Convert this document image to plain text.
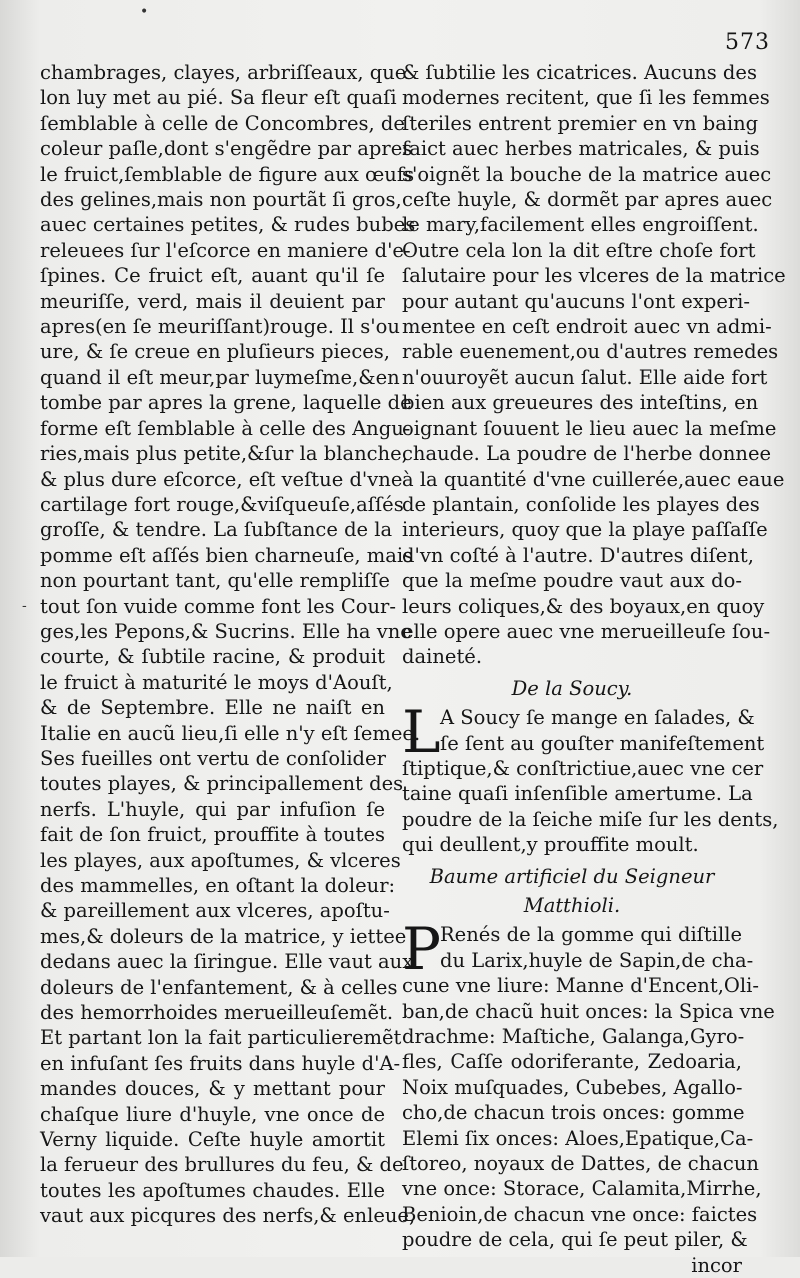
573
chambrages, clayes, arbriſſeaux, que
lon luy met au pié. Sa fleur eſt quaſi
ſemblable à celle de Concombres, de
coleur paſle,dont s'engẽdre par apres
le fruict,ſemblable de figure aux œufs
des gelines,mais non pourtãt ſi gros,
auec certaines petites, & rudes bubes
releuees ſur l'eſcorce en maniere d'e-
ſpines. Ce fruict eſt, auant qu'il ſe
meuriſſe, verd, mais il deuient par
apres(en ſe meuriſſant)rouge. Il s'ou
ure, & ſe creue en pluſieurs pieces,
quand il eſt meur,par luymeſme,&en
tombe par apres la grene, laquelle de
forme eſt ſemblable à celle des Angu-
ries,mais plus petite,&ſur la blanche,
& plus dure eſcorce, eſt veſtue d'vne
cartilage fort rouge,&viſqueuſe,aſſés
groſſe, & tendre. La ſubſtance de la
pomme eſt aſſés bien charneuſe, mais
non pourtant tant, qu'elle rempliſſe
tout ſon vuide comme font les Cour-
ges,les Pepons,& Sucrins. Elle ha vne
courte, & ſubtile racine, & produit
le fruict à maturité le moys d'Aouſt,
& de Septembre. Elle ne naiſt en
Italie en aucũ lieu,ſi elle n'y eſt ſemee.
Ses fueilles ont vertu de conſolider
toutes playes, & principallement des
nerfs. L'huyle, qui par infuſion ſe
fait de ſon fruict, prouffite à toutes
les playes, aux apoſtumes, & vlceres
des mammelles, en oſtant la doleur:
& pareillement aux vlceres, apoſtu-
mes,& doleurs de la matrice, y iettee
dedans auec la ſiringue. Elle vaut aux
doleurs de l'enfantement, & à celles
des hemorrhoides merueilleuſemẽt.
Et partant lon la fait particulieremẽt
en infuſant ſes fruits dans huyle d'A-
mandes douces, & y mettant pour
chaſque liure d'huyle, vne once de
Verny liquide. Ceſte huyle amortit
la ferueur des brullures du feu, & de
toutes les apoſtumes chaudes. Elle
vaut aux picqures des nerfs,& enleue,
& ſubtilie les cicatrices. Aucuns des
modernes recitent, que ſi les femmes
ſteriles entrent premier en vn baing
faict auec herbes matricales, & puis
s'oignẽt la bouche de la matrice auec
ceſte huyle, & dormẽt par apres auec
le mary,facilement elles engroiſſent.
Outre cela lon la dit eſtre choſe fort
ſalutaire pour les vlceres de la matrice
pour autant qu'aucuns l'ont experi-
mentee en ceſt endroit auec vn admi-
rable euenement,ou d'autres remedes
n'ouuroyẽt aucun ſalut. Elle aide fort
bien aux greueures des inteſtins, en
oignant ſouuent le lieu auec la meſme
chaude. La poudre de l'herbe donnee
à la quantité d'vne cuillerée,auec eaue
de plantain, conſolide les playes des
interieurs, quoy que la playe paſſaſſe
d'vn coſté à l'autre. D'autres diſent,
que la meſme poudre vaut aux do-
leurs coliques,& des boyaux,en quoy
elle opere auec vne merueilleuſe ſou-
daineté.
De la Soucy.
L A Soucy ſe mange en ſalades, &
ſe ſent au gouſter manifeſtement
ſtiptique,& conſtrictiue,auec vne cer
taine quaſi inſenſible amertume. La
poudre de la ſeiche miſe ſur les dents,
qui deullent,y prouffite moult.
Baume artificiel du Seigneur
Matthioli.
P
Renés de la gomme qui diſtille
du Larix,huyle de Sapin,de cha-
cune vne liure: Manne d'Encent,Oli-
ban,de chacũ huit onces: la Spica vne
drachme: Maſtiche, Galanga,Gyro-
fles, Caſſe odoriferante, Zedoaria,
Noix muſquades, Cubebes, Agallo-
cho,de chacun trois onces: gomme
Elemi ſix onces: Aloes,Epatique,Ca-
ſtoreo, noyaux de Dattes, de chacun
vne once: Storace, Calamita,Mirrhe,
Benioin,de chacun vne once: faictes
poudre de cela, qui ſe peut piler, &
incor
-
•
